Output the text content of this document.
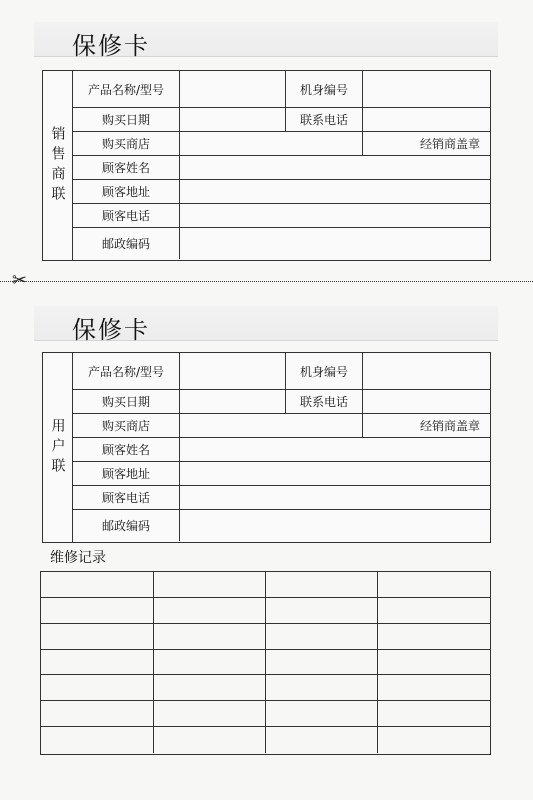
保修卡
销售商联
产品名称/型号	机身编号
购买日期	联系电话
购买商店	经销商盖章
顾客姓名
顾客地址
顾客电话
邮政编码
✂
保修卡
用户联
产品名称/型号	机身编号
购买日期	联系电话
购买商店	经销商盖章
顾客姓名
顾客地址
顾客电话
邮政编码
维修记录
